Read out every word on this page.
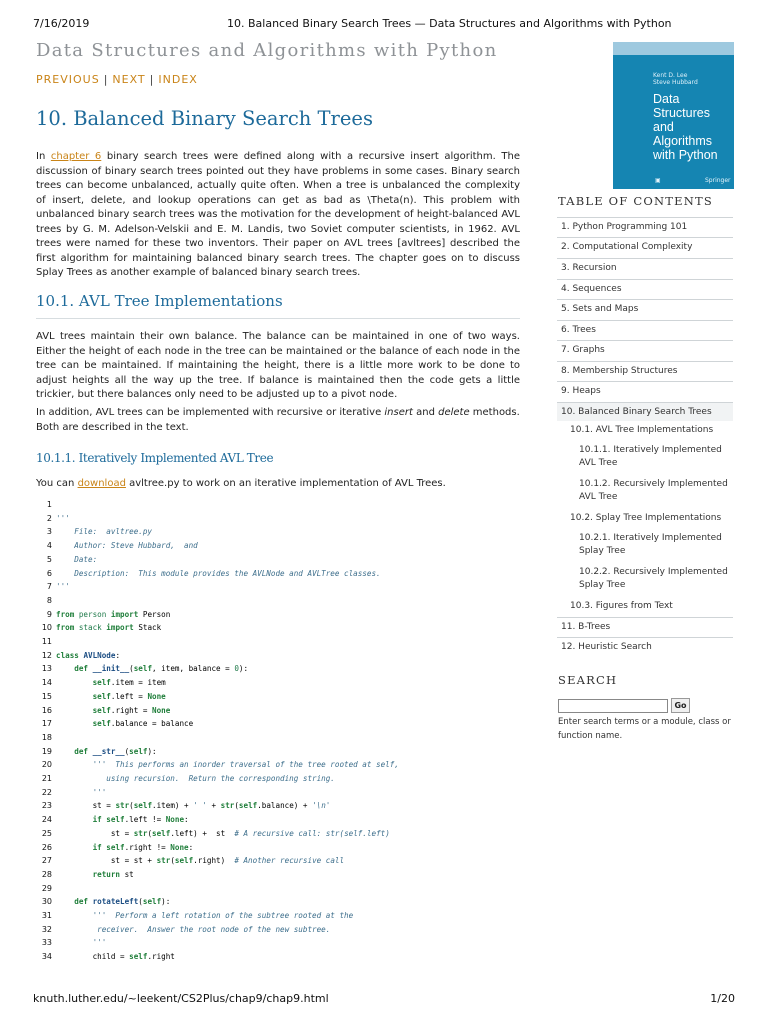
7/16/2019	10. Balanced Binary Search Trees — Data Structures and Algorithms with Python
Data Structures and Algorithms with Python
PREVIOUS | NEXT | INDEX	Kent D. Lee
Steve Hubbard
Data
Structures and
Algorithms
with Python
▣	Springer
10. Balanced Binary Search Trees

In chapter 6 binary search trees were defined along with a recursive insert algorithm. The discussion of binary search trees pointed out they have problems in some cases. Binary search trees can become unbalanced, actually quite often. When a tree is unbalanced the complexity of insert, delete, and lookup operations can get as bad as \Theta(n). This problem with unbalanced binary search trees was the motivation for the development of height-balanced AVL trees by G. M. Adelson-Velskii and E. M. Landis, two Soviet computer scientists, in 1962. AVL trees were named for these two inventors. Their paper on AVL trees [avltrees] described the first algorithm for maintaining balanced binary search trees. The chapter goes on to discuss Splay Trees as another example of balanced binary search trees.

10.1. AVL Tree Implementations

AVL trees maintain their own balance. The balance can be maintained in one of two ways. Either the height of each node in the tree can be maintained or the balance of each node in the tree can be maintained. If maintaining the height, there is a little more work to be done to adjust heights all the way up the tree. If balance is maintained then the code gets a little trickier, but there balances only need to be adjusted up to a pivot node.

In addition, AVL trees can be implemented with recursive or iterative insert and delete methods. Both are described in the text.

10.1.1. Iteratively Implemented AVL Tree

You can download avltree.py to work on an iterative implementation of AVL Trees.

1
2 '''
3 File:  avltree.py
4 Author: Steve Hubbard,  and
5 Date:
6 Description:  This module provides the AVLNode and AVLTree classes.
7 '''
8
9 from person import Person
10 from stack import Stack
11
12 class AVLNode:
13 def __init__(self, item, balance = 0):
14 self.item = item
15 self.left = None
16 self.right = None
17 self.balance = balance
18
19 def __str__(self):
20 '''  This performs an inorder traversal of the tree rooted at self,
21 using recursion.  Return the corresponding string.
22 '''
23 st = str(self.item) + ' ' + str(self.balance) + '\n'
24 if self.left != None:
25 st = str(self.left) +  st  # A recursive call: str(self.left)
26 if self.right != None:
27 st = st + str(self.right)  # Another recursive call
28 return st
29
30 def rotateLeft(self):
31 '''  Perform a left rotation of the subtree rooted at the
32 receiver.  Answer the root node of the new subtree.
33 '''
34 child = self.right
TABLE OF CONTENTS
1. Python Programming 101
2. Computational Complexity
3. Recursion
4. Sequences
5. Sets and Maps
6. Trees
7. Graphs
8. Membership Structures
9. Heaps
10. Balanced Binary Search Trees
11. B-Trees
12. Heuristic Search
10.1. AVL Tree Implementations
10.1.1. Iteratively Implemented
AVL Tree
10.1.2. Recursively Implemented
AVL Tree
10.2. Splay Tree Implementations
10.2.1. Iteratively Implemented
Splay Tree
10.2.2. Recursively Implemented
Splay Tree
10.3. Figures from Text
SEARCH
Go

Enter search terms or a module, class or function name.

knuth.luther.edu/~leekent/CS2Plus/chap9/chap9.html	1/20
